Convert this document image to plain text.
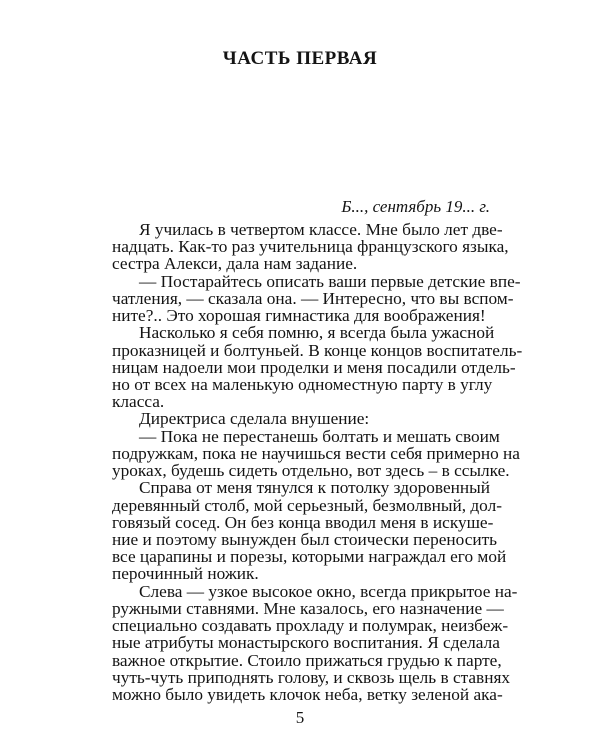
ЧАСТЬ ПЕРВАЯ
Б..., сентябрь 19... г.
Я училась в четвертом классе. Мне было лет две-
надцать. Как-то раз учительница французского языка,
сестра Алекси, дала нам задание.
— Постарайтесь описать ваши первые детские впе-
чатления, — сказала она. — Интересно, что вы вспом-
ните?.. Это хорошая гимнастика для воображения!
Насколько я себя помню, я всегда была ужасной
проказницей и болтуньей. В конце концов воспитатель-
ницам надоели мои проделки и меня посадили отдель-
но от всех на маленькую одноместную парту в углу
класса.
Директриса сделала внушение:
— Пока не перестанешь болтать и мешать своим
подружкам, пока не научишься вести себя примерно на
уроках, будешь сидеть отдельно, вот здесь – в ссылке.
Справа от меня тянулся к потолку здоровенный
деревянный столб, мой серьезный, безмолвный, дол-
говязый сосед. Он без конца вводил меня в искуше-
ние и поэтому вынужден был стоически переносить
все царапины и порезы, которыми награждал его мой
перочинный ножик.
Слева — узкое высокое окно, всегда прикрытое на-
ружными ставнями. Мне казалось, его назначение —
специально создавать прохладу и полумрак, неизбеж-
ные атрибуты монастырского воспитания. Я сделала
важное открытие. Стоило прижаться грудью к парте,
чуть-чуть приподнять голову, и сквозь щель в ставнях
можно было увидеть клочок неба, ветку зеленой ака-
5
